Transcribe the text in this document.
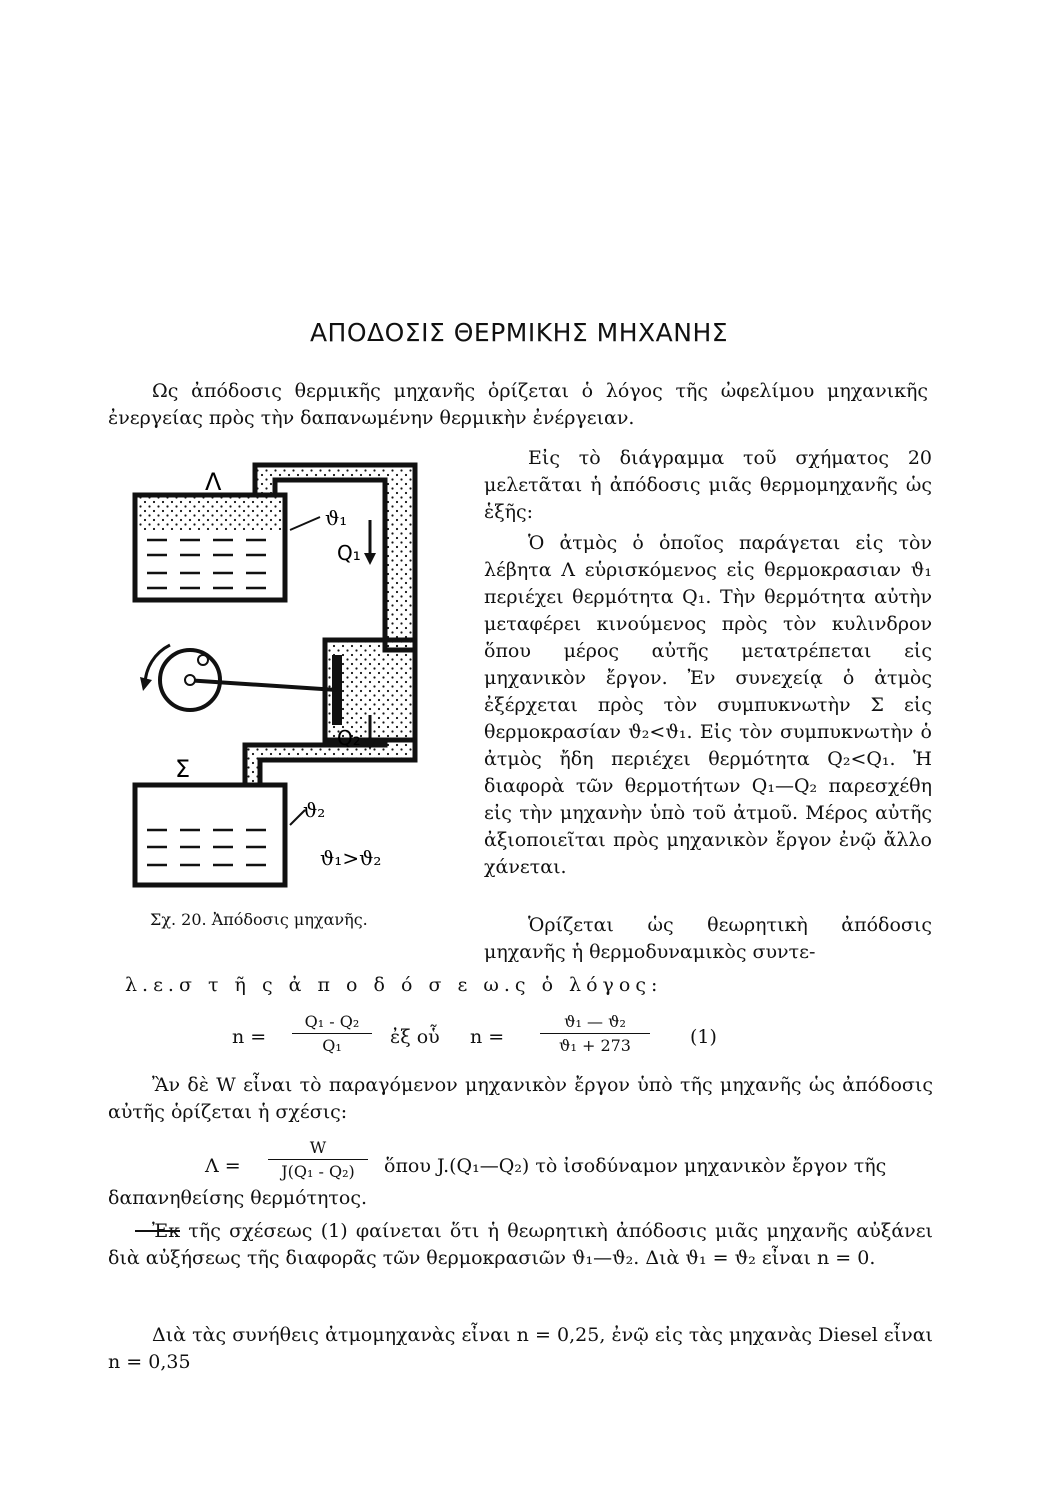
ΑΠΟΔΟΣΙΣ ΘΕΡΜΙΚΗΣ ΜΗΧΑΝΗΣ

Ως ἀπόδοσις θερμικῆς μηχανῆς ὁρίζεται ὁ λόγος τῆς ὠφελίμου μηχανικῆς ἐνεργείας πρὸς τὴν δαπανωμένην θερμικὴν ἐνέργειαν.

Λ
ϑ₁
Q₁
Q₂
Σ
ϑ₂
ϑ₁>ϑ₂
Σχ. 20. Ἀπόδοσις μηχανῆς.

Εἰς τὸ διάγραμμα τοῦ σχήματος 20 μελετᾶται ἡ ἀπόδοσις μιᾶς θερμομηχανῆς ὡς ἑξῆς:

Ὁ ἀτμὸς ὁ ὁποῖος παράγεται εἰς τὸν λέβητα Λ εὑρισκόμενος εἰς θερμοκρασιαν ϑ₁ περιέχει θερμότητα Q₁. Τὴν θερμότητα αὐτὴν μεταφέρει κινούμενος πρὸς τὸν κυλινδρον ὅπου μέρος αὐτῆς μετατρέπεται εἰς μηχανικὸν ἔργον. Ἐν συνεχείᾳ ὁ ἀτμὸς ἐξέρχεται πρὸς τὸν συμπυκνωτὴν Σ εἰς θερμοκρασίαν ϑ₂<ϑ₁. Εἰς τὸν συμπυκνωτὴν ὁ ἀτμὸς ἤδη περιέχει θερμότητα Q₂<Q₁. Ἡ διαφορὰ τῶν θερμοτήτων Q₁—Q₂ παρεσχέθη εἰς τὴν μηχανὴν ὑπὸ τοῦ ἀτμοῦ. Μέρος αὐτῆς ἀξιοποιεῖται πρὸς μηχανικὸν ἔργον ἐνῷ ἄλλο χάνεται.

Ὁρίζεται ὡς θεωρητικὴ ἀπόδοσις μηχανῆς ἡ θερμοδυναμικὸς συντε-

λ.ε.σ τ ῆ ς ἀ π ο δ ό σ ε ω.ς ὁ λόγος:

$n = \frac{\text{Q₁ - Q₂}}{\text{Q₁}}$ ἐξ οὗ $n = \frac{\text{ϑ₁ — ϑ₂}}{\text{ϑ₁ + 273}} (1)$

Ἂν δὲ W εἶναι τὸ παραγόμενον μηχανικὸν ἔργον ὑπὸ τῆς μηχανῆς ὡς ἀπόδοσις αὐτῆς ὁρίζεται ἡ σχέσις:

$\Lambda = \frac{W}{\text{J(Q₁ - Q₂)}}$ ὅπου J.(Q₁—Q₂) τὸ ἰσοδύναμον μηχανικὸν ἔργον τῆς

δαπανηθείσης θερμότητος.

Ἐκ τῆς σχέσεως (1) φαίνεται ὅτι ἡ θεωρητικὴ ἀπόδοσις μιᾶς μηχανῆς αὐξάνει διὰ αὐξήσεως τῆς διαφορᾶς τῶν θερμοκρασιῶν ϑ₁—ϑ₂. Διὰ ϑ₁ = ϑ₂ εἶναι n = 0.

Διὰ τὰς συνήθεις ἀτμομηχανὰς εἶναι n = 0,25, ἐνῷ εἰς τὰς μηχανὰς Diesel εἶναι n = 0,35
